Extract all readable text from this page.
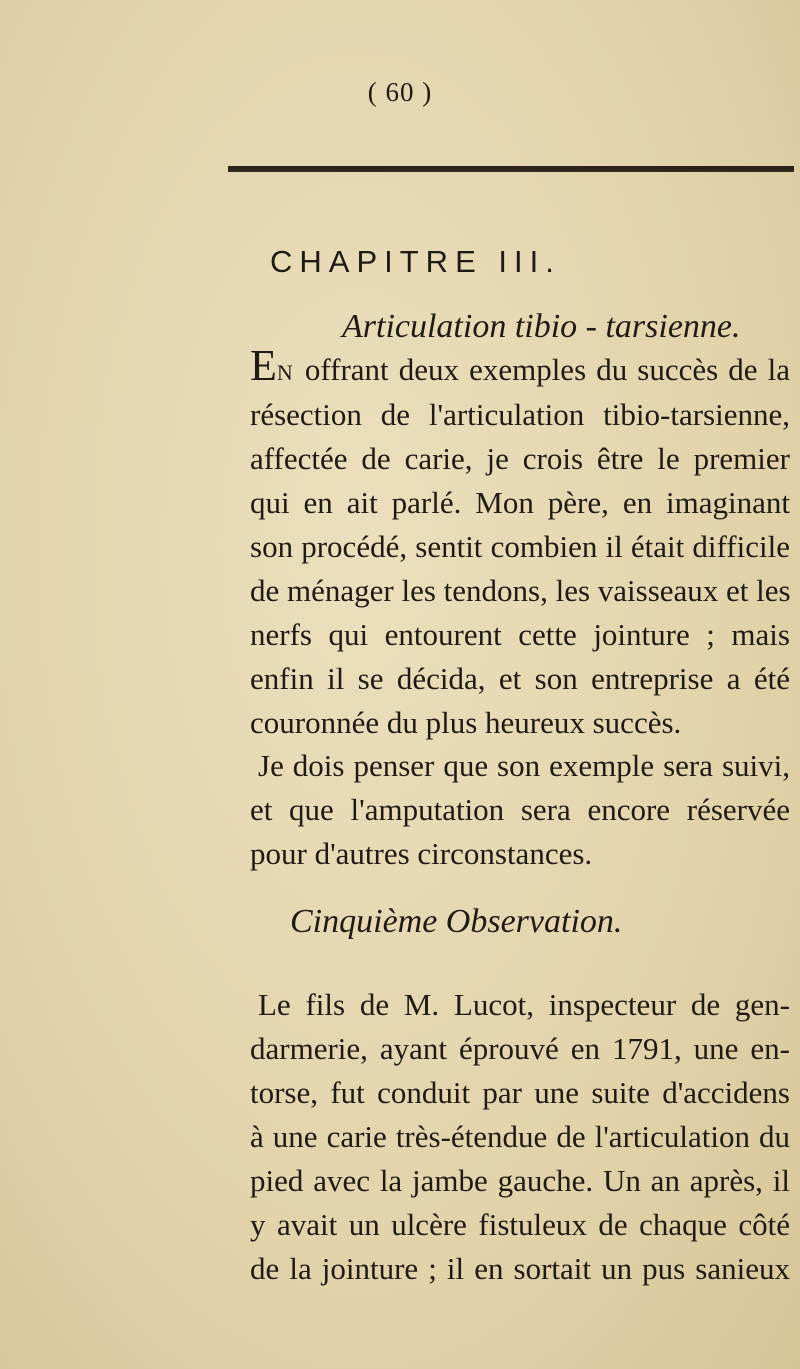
( 60 )
CHAPITRE III.
Articulation tibio - tarsienne.
EN offrant deux exemples du succès de la
résection de l'articulation tibio-tarsienne,
affectée de carie, je crois être le premier
qui en ait parlé. Mon père, en imaginant
son procédé, sentit combien il était difficile
de ménager les tendons, les vaisseaux et les
nerfs qui entourent cette jointure ; mais
enfin il se décida, et son entreprise a été
couronnée du plus heureux succès.
Je dois penser que son exemple sera suivi,
et que l'amputation sera encore réservée
pour d'autres circonstances.
Cinquième Observation.
Le fils de M. Lucot, inspecteur de gen-
darmerie, ayant éprouvé en 1791, une en-
torse, fut conduit par une suite d'accidens
à une carie très-étendue de l'articulation du
pied avec la jambe gauche. Un an après, il
y avait un ulcère fistuleux de chaque côté
de la jointure ; il en sortait un pus sanieux
